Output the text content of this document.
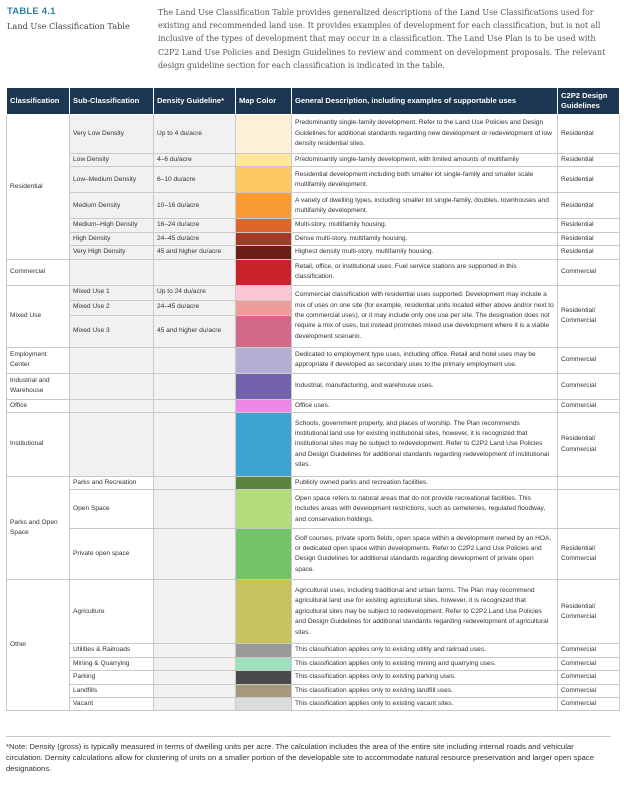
TABLE 4.1
Land Use Classification Table
The Land Use Classification Table provides generalized descriptions of the Land Use Classifications used for existing and recommended land use. It provides examples of development for each classification, but is not all inclusive of the types of development that may occur in a classification. The Land Use Plan is to be used with C2P2 Land Use Policies and Design Guidelines to review and comment on development proposals. The relevant design guideline section for each classification is indicated in the table.
Classification	Sub-Classification	Density Guideline*	Map Color	General Description, including examples of supportable uses	C2P2 Design Guidelines
Residential	Very Low Density	Up to 4 du/acre		Predominantly single-family development. Refer to the Land Use Policies and Design Guidelines for additional standards regarding new development or redevelopment of low density residential sites.	Residential
	Low Density	4–6 du/acre		Predominantly single-family development, with limited amounts of multifamily	Residential
	Low–Medium Density	6–10 du/acre		Residential development including both smaller lot single-family and smaller scale multifamily development.	Residential
	Medium Density	10–16 du/acre		A variety of dwelling types, including smaller lot single-family, doubles, townhouses and multifamily development.	Residential
	Medium–High Density	16–24 du/acre		Multi-story, multifamily housing.	Residential
	High Density	24–45 du/acre		Dense multi-story, multifamily housing.	Residential
	Very High Density	45 and higher du/acre		Highest density multi-story, multifamily housing.	Residential
Commercial				Retail, office, or institutional uses. Fuel service stations are supported in this classification.	Commercial
Mixed Use	Mixed Use 1	Up to 24 du/acre		Commercial classification with residential uses supported. Development may include a mix of uses on one site (for example, residential units located either above and/or next to the commercial uses), or it may include only one use per site. The designation does not require a mix of uses, but instead promotes mixed use development where it is a viable development scenario.	Residential/ Commercial
	Mixed Use 2	24–45 du/acre			
	Mixed Use 3	45 and higher du/acre			
Employment Center				Dedicated to employment type uses, including office. Retail and hotel uses may be appropriate if developed as secondary uses to the primary employment use.	Commercial
Industrial and Warehouse				Industrial, manufacturing, and warehouse uses.	Commercial
Office				Office uses.	Commercial
Institutional				Schools, government property, and places of worship. The Plan recommends institutional land use for existing institutional sites, however, it is recognized that institutional sites may be subject to redevelopment. Refer to C2P2 Land Use Policies and Design Guidelines for additional standards regarding redevelopment of institutional sites.	Residential/ Commercial
Parks and Open Space	Parks and Recreation			Publicly owned parks and recreation facilities.	
	Open Space			Open space refers to natural areas that do not provide recreational facilities. This includes areas with development restrictions, such as cemeteries, regulated floodway, and conservation holdings.	
	Private open space			Golf courses, private sports fields, open space within a development owned by an HOA, or dedicated open space within developments. Refer to C2P2 Land Use Policies and Design Guidelines for additional standards regarding development of private open space.	Residential/ Commercial
Other	Agriculture			Agricultural uses, including traditional and urban farms. The Plan may recommend agricultural land use for existing agricultural sites, however, it is recognized that agricultural sites may be subject to redevelopment. Refer to C2P2 Land Use Policies and Design Guidelines for additional standards regarding redevelopment of agricultural sites.	Residential/ Commercial
	Utilities & Railroads			This classification applies only to existing utility and railroad uses.	Commercial
	Mining & Quarrying			This classification applies only to existing mining and quarrying uses.	Commercial
	Parking			This classification applies only to existing parking uses.	Commercial
	Landfills			This classification applies only to existing landfill uses.	Commercial
	Vacant			This classification applies only to existing vacant sites.	Commercial
*Note: Density (gross) is typically measured in terms of dwelling units per acre. The calculation includes the area of the entire site including internal roads and vehicular circulation. Density calculations allow for clustering of units on a smaller portion of the developable site to accommodate natural resource preservation and larger open space designations.
